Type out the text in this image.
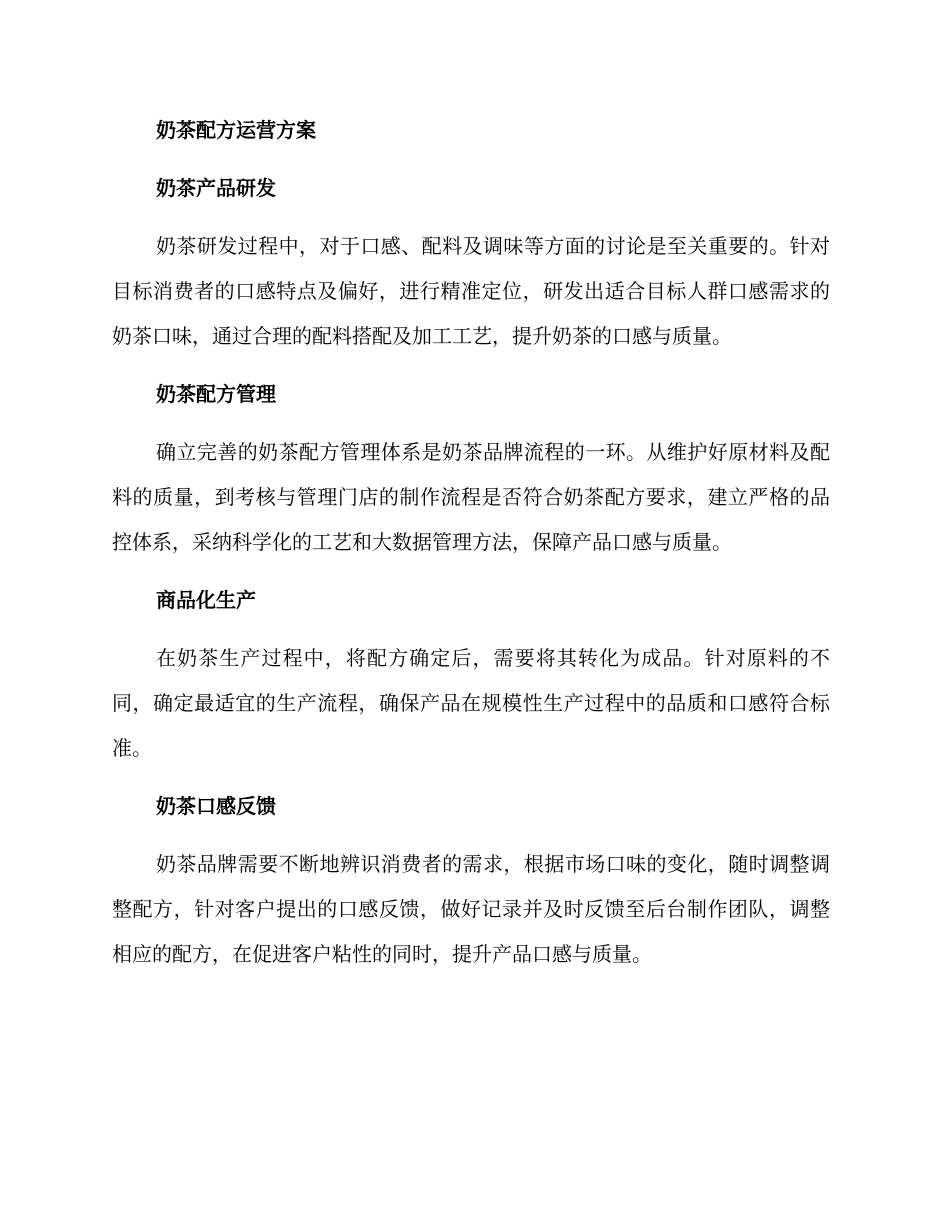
奶茶配方运营方案
奶茶产品研发

奶茶研发过程中，对于口感、配料及调味等方面的讨论是至关重要的。针对目标消费者的口感特点及偏好，进行精准定位，研发出适合目标人群口感需求的奶茶口味，通过合理的配料搭配及加工工艺，提升奶茶的口感与质量。

奶茶配方管理

确立完善的奶茶配方管理体系是奶茶品牌流程的一环。从维护好原材料及配料的质量，到考核与管理门店的制作流程是否符合奶茶配方要求，建立严格的品控体系，采纳科学化的工艺和大数据管理方法，保障产品口感与质量。

商品化生产

在奶茶生产过程中，将配方确定后，需要将其转化为成品。针对原料的不同，确定最适宜的生产流程，确保产品在规模性生产过程中的品质和口感符合标准。

奶茶口感反馈

奶茶品牌需要不断地辨识消费者的需求，根据市场口味的变化，随时调整调整配方，针对客户提出的口感反馈，做好记录并及时反馈至后台制作团队，调整相应的配方，在促进客户粘性的同时，提升产品口感与质量。
